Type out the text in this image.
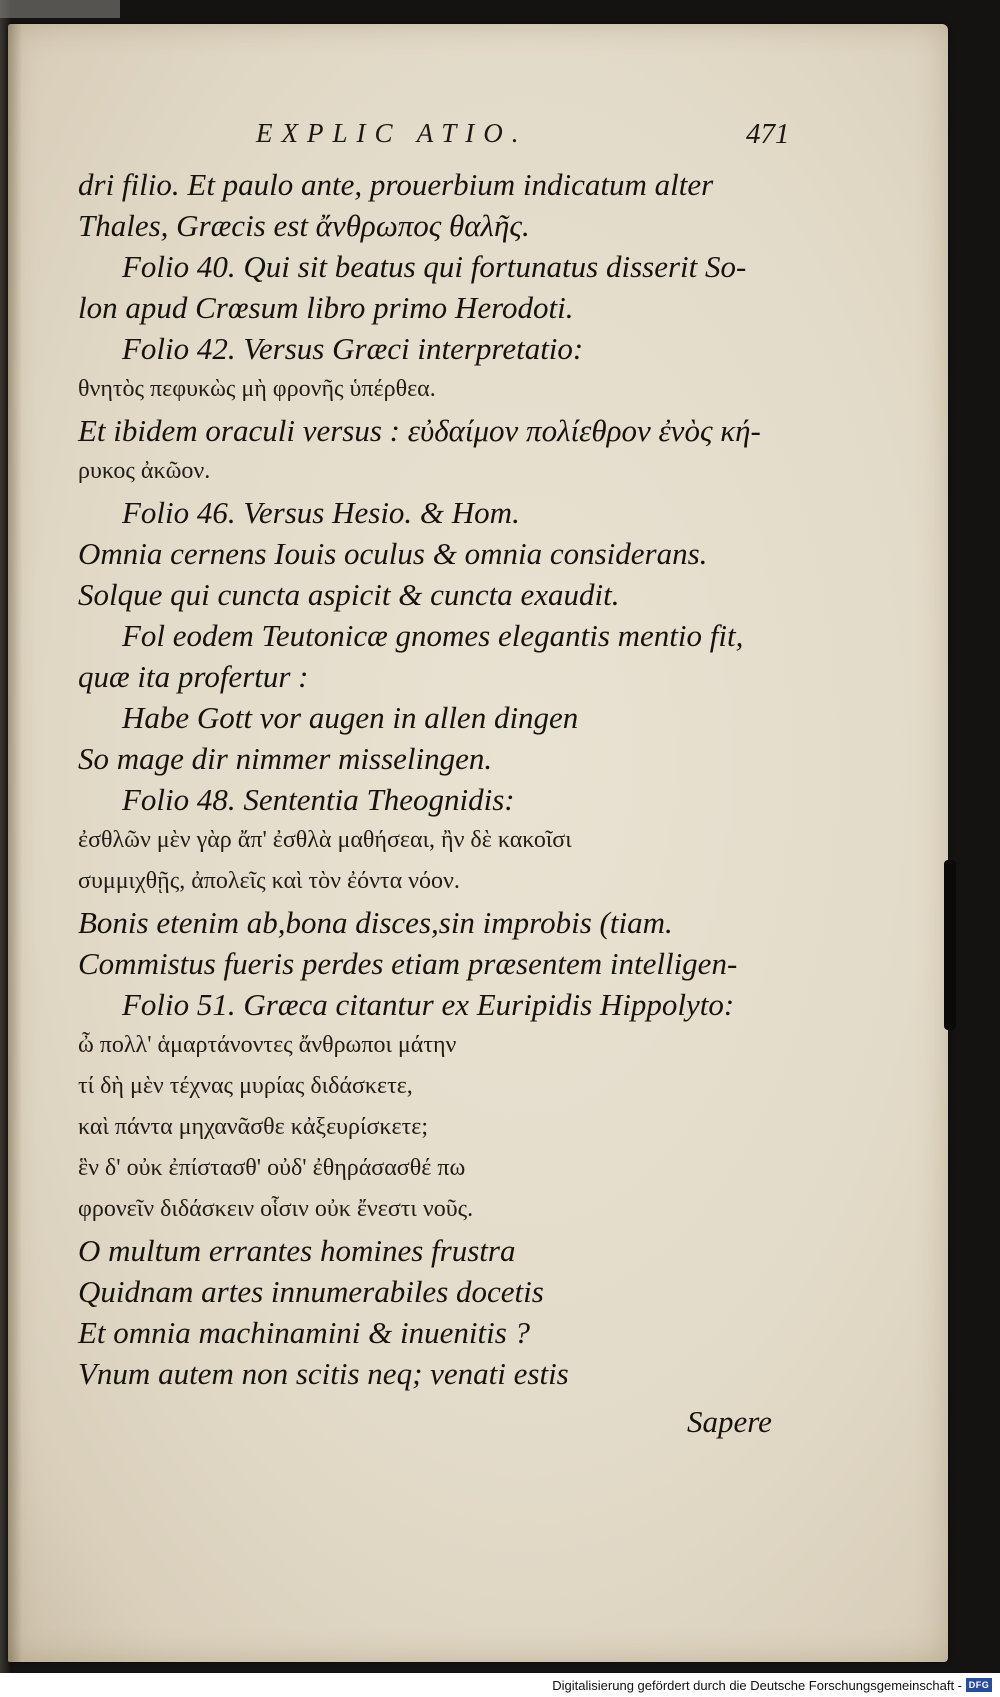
EXPLIC ATIO.	471
dri filio. Et paulo ante, prouerbium indicatum alter
Thales, Græcis est ἄνθρωπος θαλῆς.
Folio 40. Qui sit beatus qui fortunatus disserit So-
lon apud Crœsum libro primo Herodoti.
Folio 42. Versus Græci interpretatio:
θνητὸς πεφυκὼς μὴ φρονῆς ὑπέρθεα.
Et ibidem oraculi versus : εὐδαίμον πολίεθρον ἐνὸς κή-
ρυκος ἀκῶον.
Folio 46. Versus Hesio. & Hom.
Omnia cernens Iouis oculus & omnia considerans.
Solque qui cuncta aspicit & cuncta exaudit.
Fol eodem Teutonicæ gnomes elegantis mentio fit,
quæ ita profertur :
Habe Gott vor augen in allen dingen
So mage dir nimmer misselingen.
Folio 48. Sententia Theognidis:
ἐσθλῶν μὲν γὰρ ἄπ' ἐσθλὰ μαθήσεαι, ἢν δὲ κακοῖσι
συμμιχθῇς, ἀπολεῖς καὶ τὸν ἐόντα νόον.
Bonis etenim ab,bona disces,sin improbis (tiam.
Commistus fueris perdes etiam præsentem intelligen-
Folio 51. Græca citantur ex Euripidis Hippolyto:
ὦ πολλ' ἁμαρτάνοντες ἄνθρωποι μάτην
τί δὴ μὲν τέχνας μυρίας διδάσκετε,
καὶ πάντα μηχανᾶσθε κἀξευρίσκετε;
ἓν δ' οὐκ ἐπίστασθ' οὐδ' ἐθηράσασθέ πω
φρονεῖν διδάσκειν οἷσιν οὐκ ἔνεστι νοῦς.
O multum errantes homines frustra
Quidnam artes innumerabiles docetis
Et omnia machinamini & inuenitis ?
Vnum autem non scitis neq; venati estis
Sapere
Digitalisierung gefördert durch die Deutsche Forschungsgemeinschaft - DFG
